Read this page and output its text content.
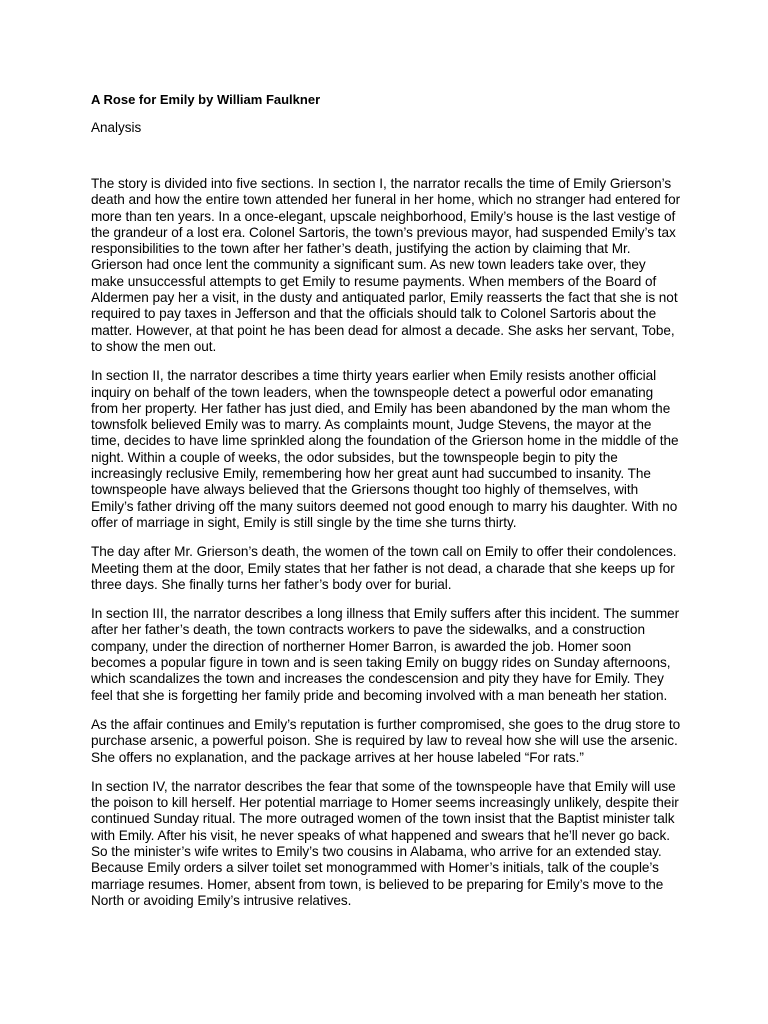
A Rose for Emily by William Faulkner

Analysis

The story is divided into five sections. In section I, the narrator recalls the time of Emily Grierson’s death and how the entire town attended her funeral in her home, which no stranger had entered for more than ten years. In a once-elegant, upscale neighborhood, Emily’s house is the last vestige of the grandeur of a lost era. Colonel Sartoris, the town’s previous mayor, had suspended Emily’s tax responsibilities to the town after her father’s death, justifying the action by claiming that Mr. Grierson had once lent the community a significant sum. As new town leaders take over, they make unsuccessful attempts to get Emily to resume payments. When members of the Board of Aldermen pay her a visit, in the dusty and antiquated parlor, Emily reasserts the fact that she is not required to pay taxes in Jefferson and that the officials should talk to Colonel Sartoris about the matter. However, at that point he has been dead for almost a decade. She asks her servant, Tobe, to show the men out.

In section II, the narrator describes a time thirty years earlier when Emily resists another official inquiry on behalf of the town leaders, when the townspeople detect a powerful odor emanating from her property. Her father has just died, and Emily has been abandoned by the man whom the townsfolk believed Emily was to marry. As complaints mount, Judge Stevens, the mayor at the time, decides to have lime sprinkled along the foundation of the Grierson home in the middle of the night. Within a couple of weeks, the odor subsides, but the townspeople begin to pity the increasingly reclusive Emily, remembering how her great aunt had succumbed to insanity. The townspeople have always believed that the Griersons thought too highly of themselves, with Emily’s father driving off the many suitors deemed not good enough to marry his daughter. With no offer of marriage in sight, Emily is still single by the time she turns thirty.

The day after Mr. Grierson’s death, the women of the town call on Emily to offer their condolences. Meeting them at the door, Emily states that her father is not dead, a charade that she keeps up for three days. She finally turns her father’s body over for burial.

In section III, the narrator describes a long illness that Emily suffers after this incident. The summer after her father’s death, the town contracts workers to pave the sidewalks, and a construction company, under the direction of northerner Homer Barron, is awarded the job. Homer soon becomes a popular figure in town and is seen taking Emily on buggy rides on Sunday afternoons, which scandalizes the town and increases the condescension and pity they have for Emily. They feel that she is forgetting her family pride and becoming involved with a man beneath her station.

As the affair continues and Emily’s reputation is further compromised, she goes to the drug store to purchase arsenic, a powerful poison. She is required by law to reveal how she will use the arsenic. She offers no explanation, and the package arrives at her house labeled “For rats.”

In section IV, the narrator describes the fear that some of the townspeople have that Emily will use the poison to kill herself. Her potential marriage to Homer seems increasingly unlikely, despite their continued Sunday ritual. The more outraged women of the town insist that the Baptist minister talk with Emily. After his visit, he never speaks of what happened and swears that he’ll never go back. So the minister’s wife writes to Emily’s two cousins in Alabama, who arrive for an extended stay. Because Emily orders a silver toilet set monogrammed with Homer’s initials, talk of the couple’s marriage resumes. Homer, absent from town, is believed to be preparing for Emily’s move to the North or avoiding Emily’s intrusive relatives.
